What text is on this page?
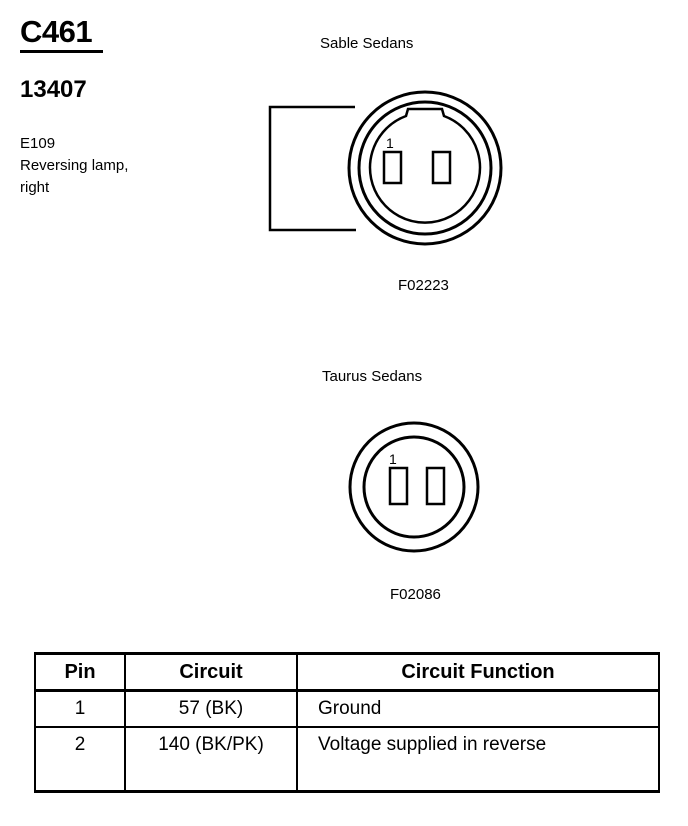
C461
13407
E109
Reversing lamp,
right
Sable Sedans
F02223
Taurus Sedans
F02086
1
1
Pin	Circuit	Circuit Function
1	57 (BK)	Ground
2	140 (BK/PK)	Voltage supplied in reverse
